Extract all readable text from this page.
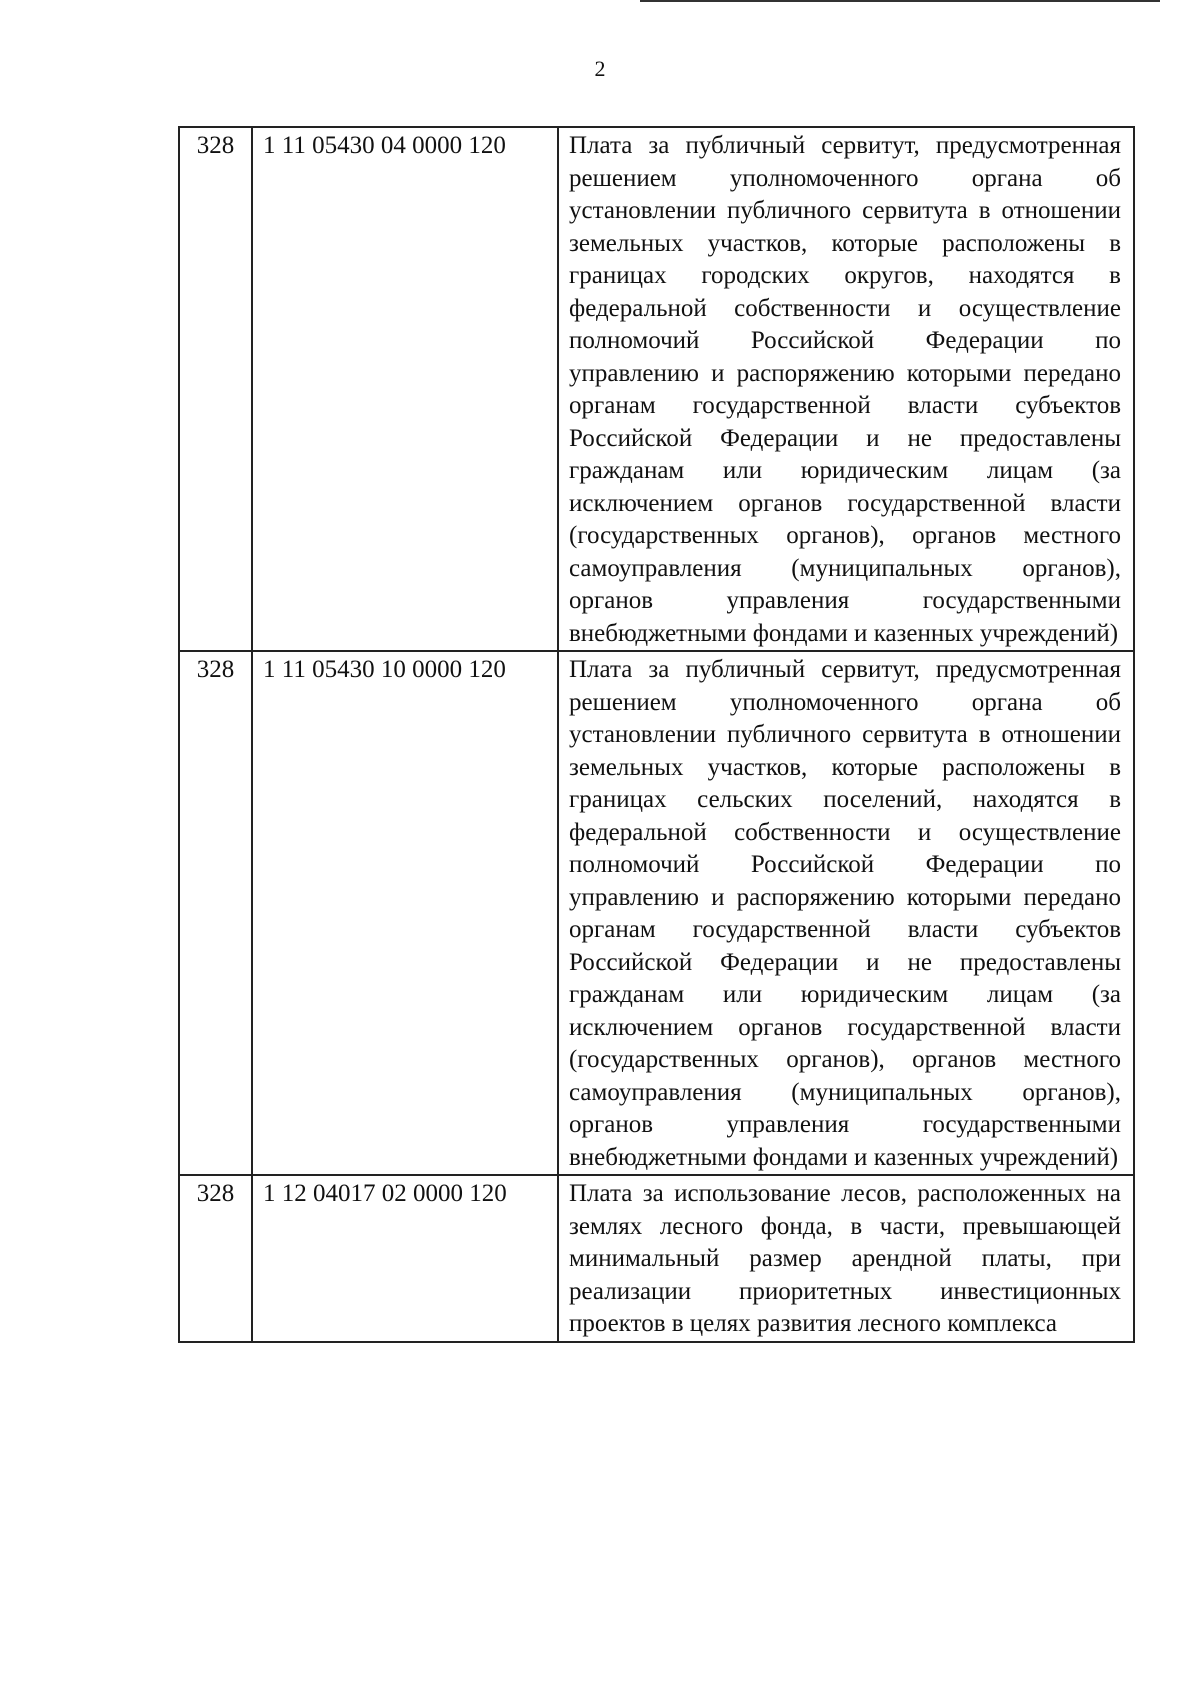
2
328	1 11 05430 04 0000 120	Плата за публичный сервитут, предусмотренная решением уполномоченного органа об установлении публичного сервитута в отношении земельных участков, которые расположены в границах городских округов, находятся в федеральной собственности и осуществление полномочий Российской Федерации по управлению и распоряжению которыми передано органам государственной власти субъектов Российской Федерации и не предоставлены гражданам или юридическим лицам (за исключением органов государственной власти (государственных органов), органов местного самоуправления (муниципальных органов), органов управления государственными внебюджетными фондами и казенных учреждений)
328	1 11 05430 10 0000 120	Плата за публичный сервитут, предусмотренная решением уполномоченного органа об установлении публичного сервитута в отношении земельных участков, которые расположены в границах сельских поселений, находятся в федеральной собственности и осуществление полномочий Российской Федерации по управлению и распоряжению которыми передано органам государственной власти субъектов Российской Федерации и не предоставлены гражданам или юридическим лицам (за исключением органов государственной власти (государственных органов), органов местного самоуправления (муниципальных органов), органов управления государственными внебюджетными фондами и казенных учреждений)
328	1 12 04017 02 0000 120	Плата за использование лесов, расположенных на землях лесного фонда, в части, превышающей минимальный размер арендной платы, при реализации приоритетных инвестиционных проектов в целях развития лесного комплекса
